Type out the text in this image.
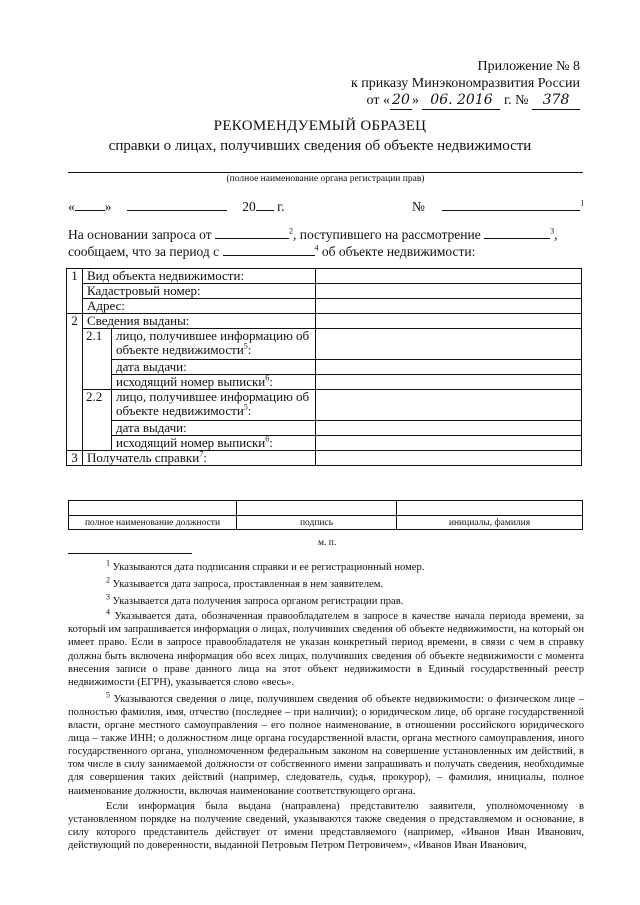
Приложение № 8
к приказу Минэкономразвития России
от « 20 » 06. 2016 г. № 378
РЕКОМЕНДУЕМЫЙ ОБРАЗЕЦ
справки о лицах, получивших сведения об объекте недвижимости
(полное наименование органа регистрации прав)
« »	20 г.	№	$^1$
На основании запроса от	$^2$, поступившего на рассмотрение	$^3$,
сообщаем, что за период с	$^4$ об объекте недвижимости:
1	Вид объекта недвижимости:		
	Кадастровый номер:		
	Адрес:		
2	Сведения выданы:		
	2.1	лицо, получившее информацию об
объекте недвижимости$^5$:	
		дата выдачи:	
		исходящий номер выписки$^6$:	
	2.2	лицо, получившее информацию об
объекте недвижимости$^5$:	
		дата выдачи:	
		исходящий номер выписки$^6$:	
3	Получатель справки$^7$:		

полное наименование должности	подпись	инициалы, фамилия
м. п.

$^1$ Указываются дата подписания справки и ее регистрационный номер.

$^2$ Указывается дата запроса, проставленная в нем заявителем.

$^3$ Указывается дата получения запроса органом регистрации прав.

$^4$ Указывается дата, обозначенная правообладателем в запросе в качестве начала периода времени, за который им запрашивается информация о лицах, получивших сведения об объекте недвижимости, на который он имеет право. Если в запросе правообладателя не указан конкретный период времени, в связи с чем в справку должна быть включена информация обо всех лицах, получивших сведения об объекте недвижимости с момента внесения записи о праве данного лица на этот объект недвижимости в Единый государственный реестр недвижимости (ЕГРН), указывается слово «весь».

$^5$ Указываются сведения о лице, получившем сведения об объекте недвижимости: о физическом лице – полностью фамилия, имя, отчество (последнее – при наличии); о юридическом лице, об органе государственной власти, органе местного самоуправления – его полное наименование, в отношении российского юридического лица – также ИНН; о должностном лице органа государственной власти, органа местного самоуправления, иного государственного органа, уполномоченном федеральным законом на совершение установленных им действий, в том числе в силу занимаемой должности от собственного имени запрашивать и получать сведения, необходимые для совершения таких действий (например, следователь, судья, прокурор), – фамилия, инициалы, полное наименование должности, включая наименование соответствующего органа.

Если информация была выдана (направлена) представителю заявителя, уполномоченному в установленном порядке на получение сведений, указываются также сведения о представляемом и основание, в силу которого представитель действует от имени представляемого (например, «Иванов Иван Иванович, действующий по доверенности, выданной Петровым Петром Петровичем», «Иванов Иван Иванович,
